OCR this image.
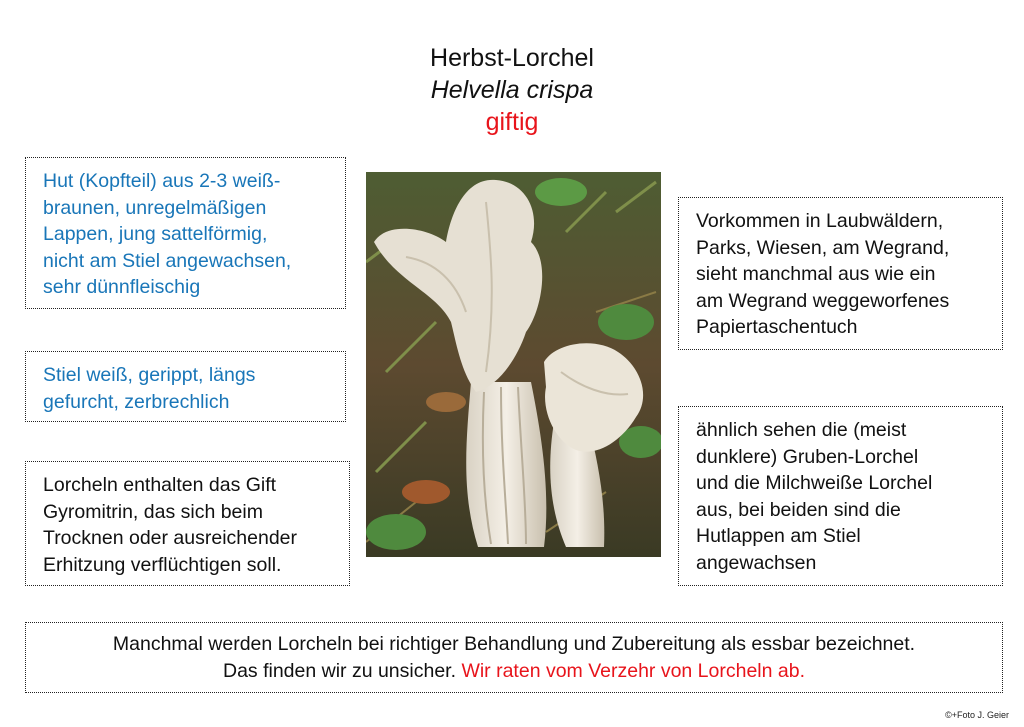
Herbst-Lorchel
Helvella crispa
giftig
Hut (Kopfteil) aus 2-3 weiß-
braunen, unregelmäßigen
Lappen, jung sattelförmig,
nicht am Stiel angewachsen,
sehr dünnfleischig
Stiel weiß, gerippt, längs
gefurcht, zerbrechlich
Lorcheln enthalten das Gift
Gyromitrin, das sich beim
Trocknen oder ausreichender
Erhitzung verflüchtigen soll.
Vorkommen in Laubwäldern,
Parks, Wiesen, am Wegrand,
sieht manchmal aus wie ein
am Wegrand weggeworfenes
Papiertaschentuch
ähnlich sehen die (meist
dunklere) Gruben-Lorchel
und die Milchweiße Lorchel
aus, bei beiden sind die
Hutlappen am Stiel
angewachsen
Manchmal werden Lorcheln bei richtiger Behandlung und Zubereitung als essbar bezeichnet.
Das finden wir zu unsicher. Wir raten vom Verzehr von Lorcheln ab.
©+Foto J. Geier
